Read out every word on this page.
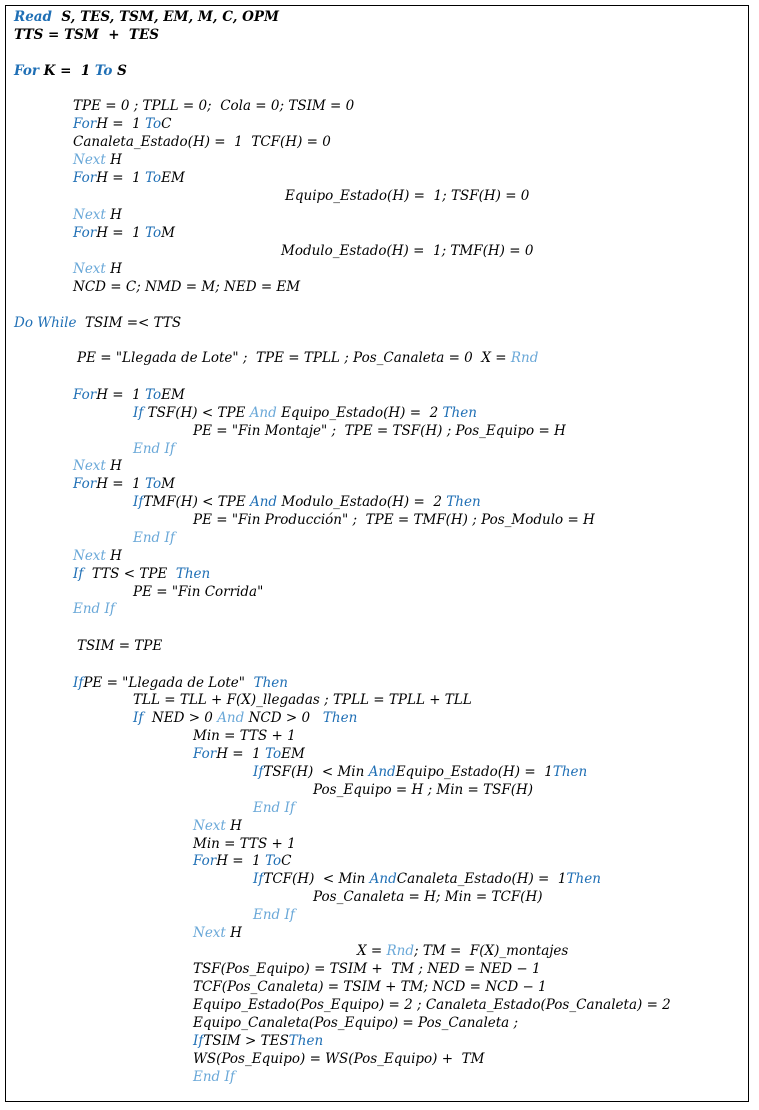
Read  S, TES, TSM, EM, M, C, OPM
TTS = TSM  +  TES
For K =  1 To S
TPE = 0 ; TPLL = 0;  Cola = 0; TSIM = 0
ForH =  1 ToC
Canaleta_Estado(H) =  1  TCF(H) = 0
Next H
ForH =  1 ToEM
Equipo_Estado(H) =  1; TSF(H) = 0
Next H
ForH =  1 ToM
Modulo_Estado(H) =  1; TMF(H) = 0
Next H
NCD = C; NMD = M; NED = EM
Do While  TSIM =< TTS
PE = "Llegada de Lote" ;  TPE = TPLL ; Pos_Canaleta = 0  X = Rnd
ForH =  1 ToEM
If TSF(H) < TPE And Equipo_Estado(H) =  2 Then
PE = "Fin Montaje" ;  TPE = TSF(H) ; Pos_Equipo = H
End If
Next H
ForH =  1 ToM
IfTMF(H) < TPE And Modulo_Estado(H) =  2 Then
PE = "Fin Producción" ;  TPE = TMF(H) ; Pos_Modulo = H
End If
Next H
If  TTS < TPE  Then
PE = "Fin Corrida"
End If
TSIM = TPE
IfPE = "Llegada de Lote"  Then
TLL = TLL + F(X)_llegadas ; TPLL = TPLL + TLL
If  NED > 0 And NCD > 0   Then
Min = TTS + 1
ForH =  1 ToEM
IfTSF(H)  < Min AndEquipo_Estado(H) =  1Then
Pos_Equipo = H ; Min = TSF(H)
End If
Next H
Min = TTS + 1
ForH =  1 ToC
IfTCF(H)  < Min AndCanaleta_Estado(H) =  1Then
Pos_Canaleta = H; Min = TCF(H)
End If
Next H
X = Rnd; TM =  F(X)_montajes
TSF(Pos_Equipo) = TSIM +  TM ; NED = NED − 1
TCF(Pos_Canaleta) = TSIM + TM; NCD = NCD − 1
Equipo_Estado(Pos_Equipo) = 2 ; Canaleta_Estado(Pos_Canaleta) = 2
Equipo_Canaleta(Pos_Equipo) = Pos_Canaleta ;
IfTSIM > TESThen
WS(Pos_Equipo) = WS(Pos_Equipo) +  TM
End If
